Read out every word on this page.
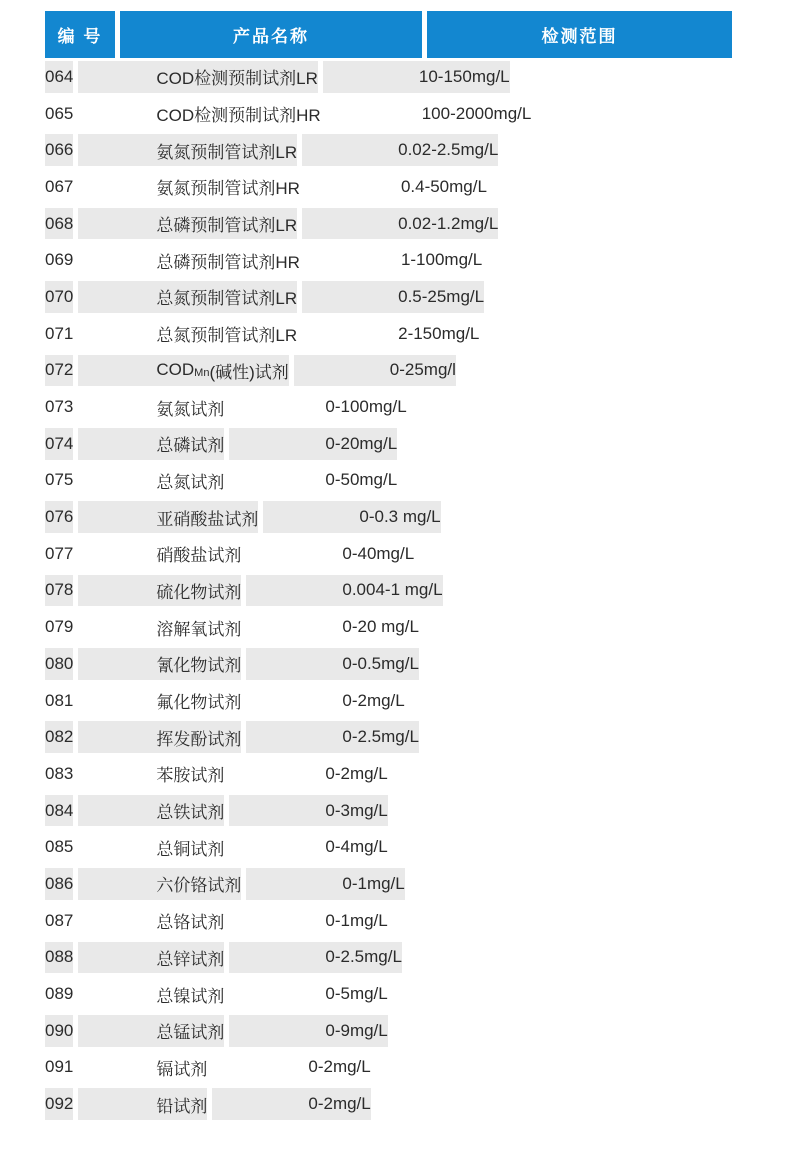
编 号	产品名称	检测范围
064	COD检测预制试剂LR	10-150mg/L
065	COD检测预制试剂HR	100-2000mg/L
066	氨氮预制管试剂LR	0.02-2.5mg/L
067	氨氮预制管试剂HR	0.4-50mg/L
068	总磷预制管试剂LR	0.02-1.2mg/L
069	总磷预制管试剂HR	1-100mg/L
070	总氮预制管试剂LR	0.5-25mg/L
071	总氮预制管试剂LR	2-150mg/L
072	COD Mn (碱性)试剂	0-25mg/l
073	氨氮试剂	0-100mg/L
074	总磷试剂	0-20mg/L
075	总氮试剂	0-50mg/L
076	亚硝酸盐试剂	0-0.3 mg/L
077	硝酸盐试剂	0-40mg/L
078	硫化物试剂	0.004-1 mg/L
079	溶解氧试剂	0-20 mg/L
080	氰化物试剂	0-0.5mg/L
081	氟化物试剂	0-2mg/L
082	挥发酚试剂	0-2.5mg/L
083	苯胺试剂	0-2mg/L
084	总铁试剂	0-3mg/L
085	总铜试剂	0-4mg/L
086	六价铬试剂	0-1mg/L
087	总铬试剂	0-1mg/L
088	总锌试剂	0-2.5mg/L
089	总镍试剂	0-5mg/L
090	总锰试剂	0-9mg/L
091	镉试剂	0-2mg/L
092	铅试剂	0-2mg/L
